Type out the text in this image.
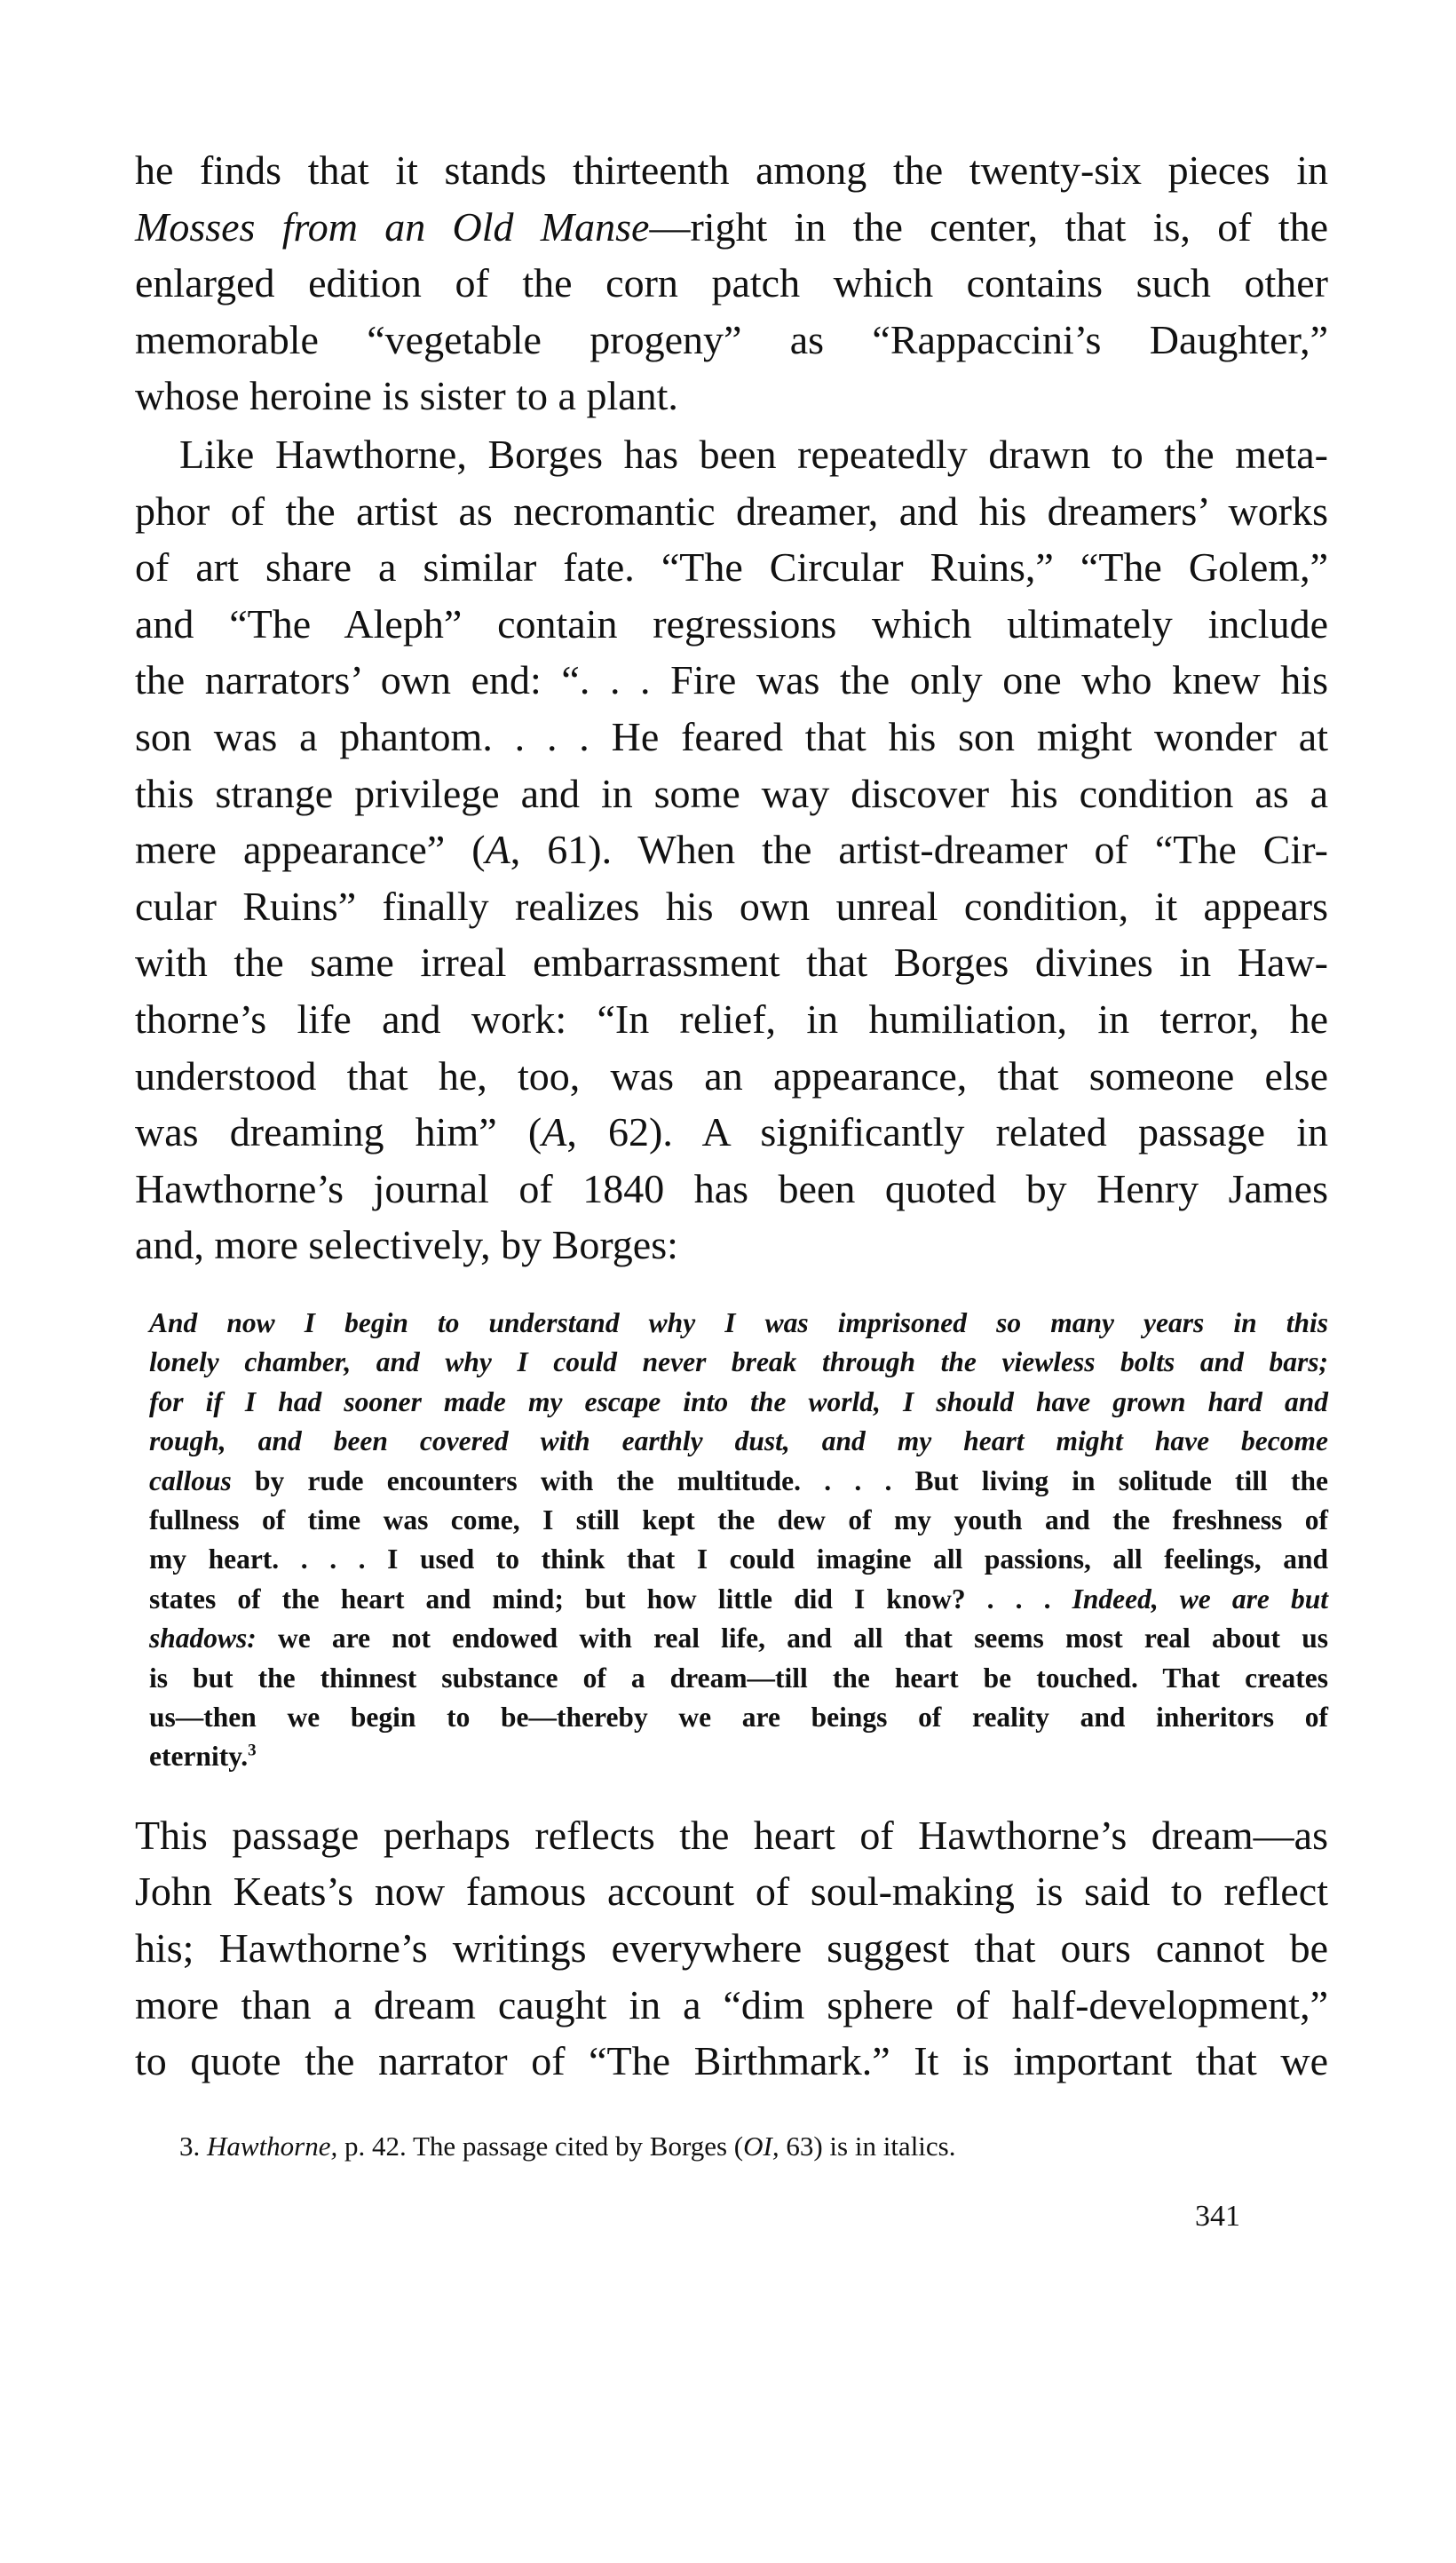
he finds that it stands thirteenth among the twenty-six pieces in
Mosses from an Old Manse—right in the center, that is, of the
enlarged edition of the corn patch which contains such other
memorable “vegetable progeny” as “Rappaccini’s Daughter,”
whose heroine is sister to a plant.

Like Hawthorne, Borges has been repeatedly drawn to the meta-
phor of the artist as necromantic dreamer, and his dreamers’ works
of art share a similar fate. “The Circular Ruins,” “The Golem,”
and “The Aleph” contain regressions which ultimately include
the narrators’ own end: “. . . Fire was the only one who knew his
son was a phantom. . . . He feared that his son might wonder at
this strange privilege and in some way discover his condition as a
mere appearance” (A, 61). When the artist-dreamer of “The Cir-
cular Ruins” finally realizes his own unreal condition, it appears
with the same irreal embarrassment that Borges divines in Haw-
thorne’s life and work: “In relief, in humiliation, in terror, he
understood that he, too, was an appearance, that someone else
was dreaming him” (A, 62). A significantly related passage in
Hawthorne’s journal of 1840 has been quoted by Henry James
and, more selectively, by Borges:

And now I begin to understand why I was imprisoned so many years in this
lonely chamber, and why I could never break through the viewless bolts and bars;
for if I had sooner made my escape into the world, I should have grown hard and
rough, and been covered with earthly dust, and my heart might have become
callous by rude encounters with the multitude. . . . But living in solitude till the
fullness of time was come, I still kept the dew of my youth and the freshness of
my heart. . . . I used to think that I could imagine all passions, all feelings, and
states of the heart and mind; but how little did I know? . . . Indeed, we are but
shadows: we are not endowed with real life, and all that seems most real about us
is but the thinnest substance of a dream—till the heart be touched. That creates
us—then we begin to be—thereby we are beings of reality and inheritors of
eternity.$^3$

This passage perhaps reflects the heart of Hawthorne’s dream—as
John Keats’s now famous account of soul-making is said to reflect
his; Hawthorne’s writings everywhere suggest that ours cannot be
more than a dream caught in a “dim sphere of half-development,”
to quote the narrator of “The Birthmark.” It is important that we

3. Hawthorne, p. 42. The passage cited by Borges (OI, 63) is in italics.
341
